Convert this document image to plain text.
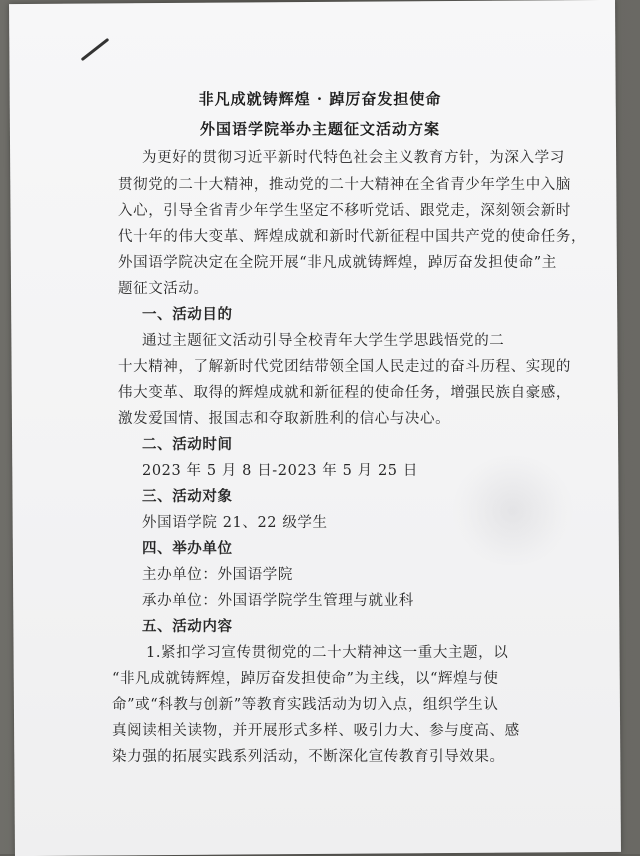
非凡成就铸辉煌 · 踔厉奋发担使命
外国语学院举办主题征文活动方案
为更好的贯彻习近平新时代特色社会主义教育方针，为深入学习
贯彻党的二十大精神，推动党的二十大精神在全省青少年学生中入脑
入心，引导全省青少年学生坚定不移听党话、跟党走，深刻领会新时
代十年的伟大变革、辉煌成就和新时代新征程中国共产党的使命任务，
外国语学院决定在全院开展“非凡成就铸辉煌，踔厉奋发担使命”主
题征文活动。
一、活动目的
通过主题征文活动引导全校青年大学生学思践悟党的二
十大精神，了解新时代党团结带领全国人民走过的奋斗历程、实现的
伟大变革、取得的辉煌成就和新征程的使命任务，增强民族自豪感，
激发爱国情、报国志和夺取新胜利的信心与决心。
二、活动时间
2023 年 5 月 8 日-2023 年 5 月 25 日
三、活动对象
外国语学院 21、22 级学生
四、举办单位
主办单位：外国语学院
承办单位：外国语学院学生管理与就业科
五、活动内容
1.紧扣学习宣传贯彻党的二十大精神这一重大主题，以
“非凡成就铸辉煌，踔厉奋发担使命”为主线，以“辉煌与使
命”或“科教与创新”等教育实践活动为切入点，组织学生认
真阅读相关读物，并开展形式多样、吸引力大、参与度高、感
染力强的拓展实践系列活动，不断深化宣传教育引导效果。
